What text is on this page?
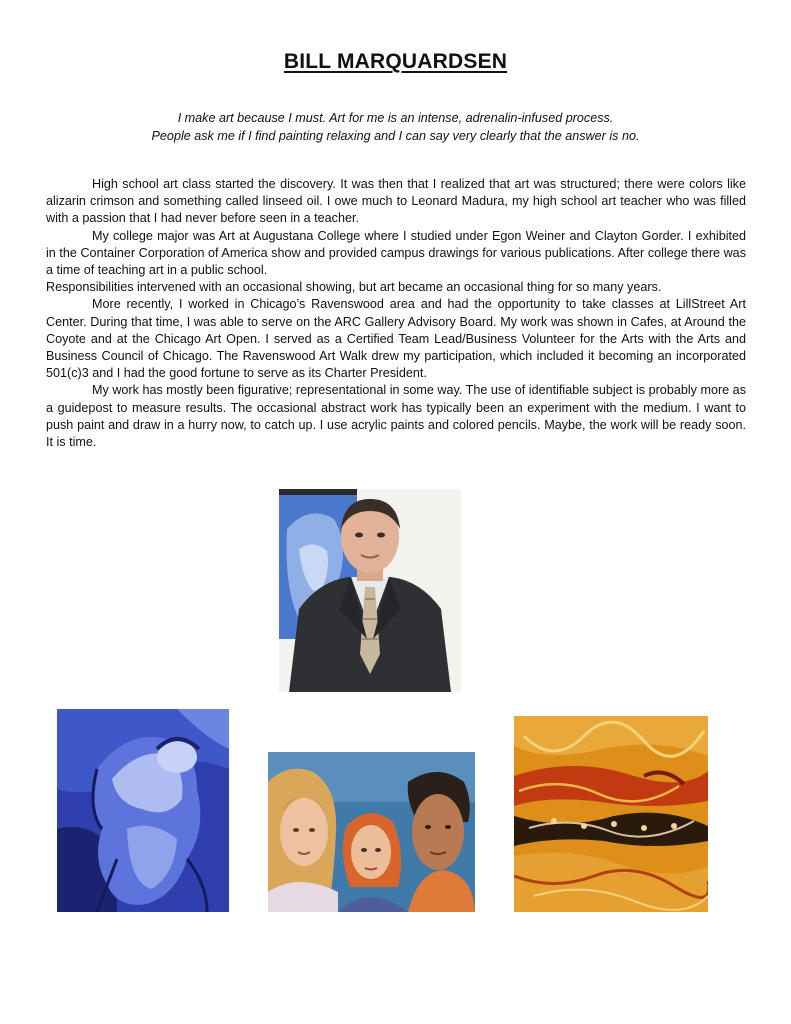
BILL MARQUARDSEN
I make art because I must. Art for me is an intense, adrenalin-infused process.
People ask me if I find painting relaxing and I can say very clearly that the answer is no.

High school art class started the discovery. It was then that I realized that art was structured; there were colors like alizarin crimson and something called linseed oil. I owe much to Leonard Madura, my high school art teacher who was filled with a passion that I had never before seen in a teacher.

My college major was Art at Augustana College where I studied under Egon Weiner and Clayton Gorder. I exhibited in the Container Corporation of America show and provided campus drawings for various publications. After college there was a time of teaching art in a public school.

Responsibilities intervened with an occasional showing, but art became an occasional thing for so many years.

More recently, I worked in Chicago’s Ravenswood area and had the opportunity to take classes at LillStreet Art Center. During that time, I was able to serve on the ARC Gallery Advisory Board. My work was shown in Cafes, at Around the Coyote and at the Chicago Art Open. I served as a Certified Team Lead/Business Volunteer for the Arts with the Arts and Business Council of Chicago. The Ravenswood Art Walk drew my participation, which included it becoming an incorporated 501(c)3 and I had the good fortune to serve as its Charter President.

My work has mostly been figurative; representational in some way. The use of identifiable subject is probably more as a guidepost to measure results. The occasional abstract work has typically been an experiment with the medium. I want to push paint and draw in a hurry now, to catch up. I use acrylic paints and colored pencils. Maybe, the work will be ready soon. It is time.
